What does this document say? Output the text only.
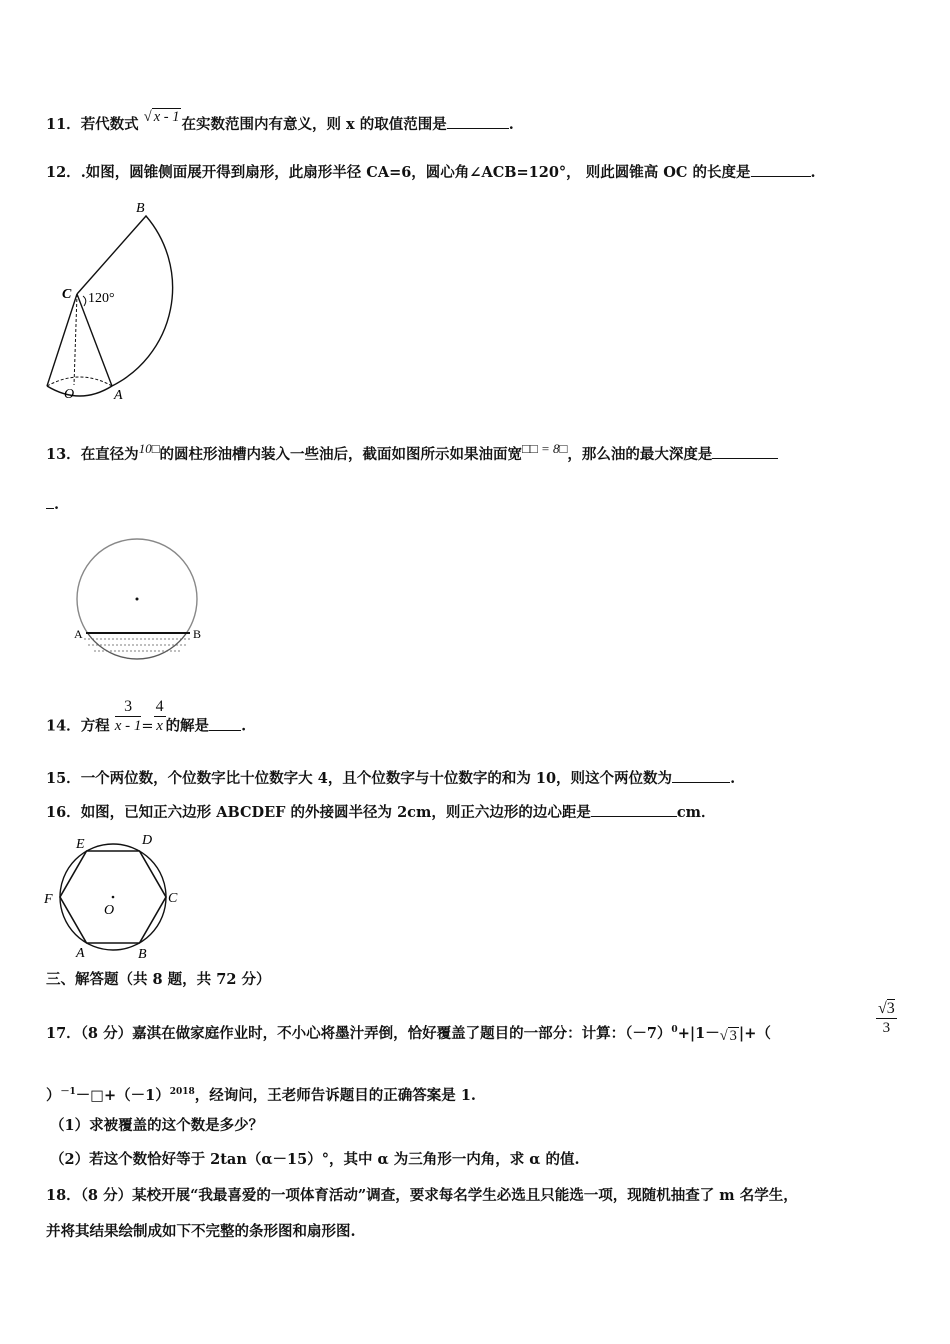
11．若代数式 √ x - 1 在实数范围内有意义，则 x 的取值范围是	.
12．.如图，圆锥侧面展开得到扇形，此扇形半径 CA=6，圆心角∠ACB=120°， 则此圆锥高 OC 的长度是	.
B
C 120°
O	A
13．在直径为10□的圆柱形油槽内装入一些油后，截面如图所示如果油面宽□□ = 8□，那么油的最大深度是
.
A	B
14．方程 $\frac{3}{x - 1} = \frac{4}{x}$ 的解是 .
15．一个两位数，个位数字比十位数字大 4，且个位数字与十位数字的和为 10，则这个两位数为	.
16．如图，已知正六边形 ABCDEF 的外接圆半径为 2cm，则正六边形的边心距是	cm．
O
D
E
F	C
A	B
三、解答题（共 8 题，共 72 分）
17．（8 分）嘉淇在做家庭作业时，不小心将墨汁弄倒，恰好覆盖了题目的一部分：计算：$(-7)^0+|1-√$ 3 |+（	$\frac{√3}{3}$
）$^{-1}-□+(-1)^{2018}$，经询问，王老师告诉题目的正确答案是 1.
（1）求被覆盖的这个数是多少？
（2）若这个数恰好等于 2tan（α－15）°，其中 α 为三角形一内角，求 α 的值.
18．（8 分）某校开展“我最喜爱的一项体育活动”调查，要求每名学生必选且只能选一项，现随机抽查了 m 名学生，
并将其结果绘制成如下不完整的条形图和扇形图.
